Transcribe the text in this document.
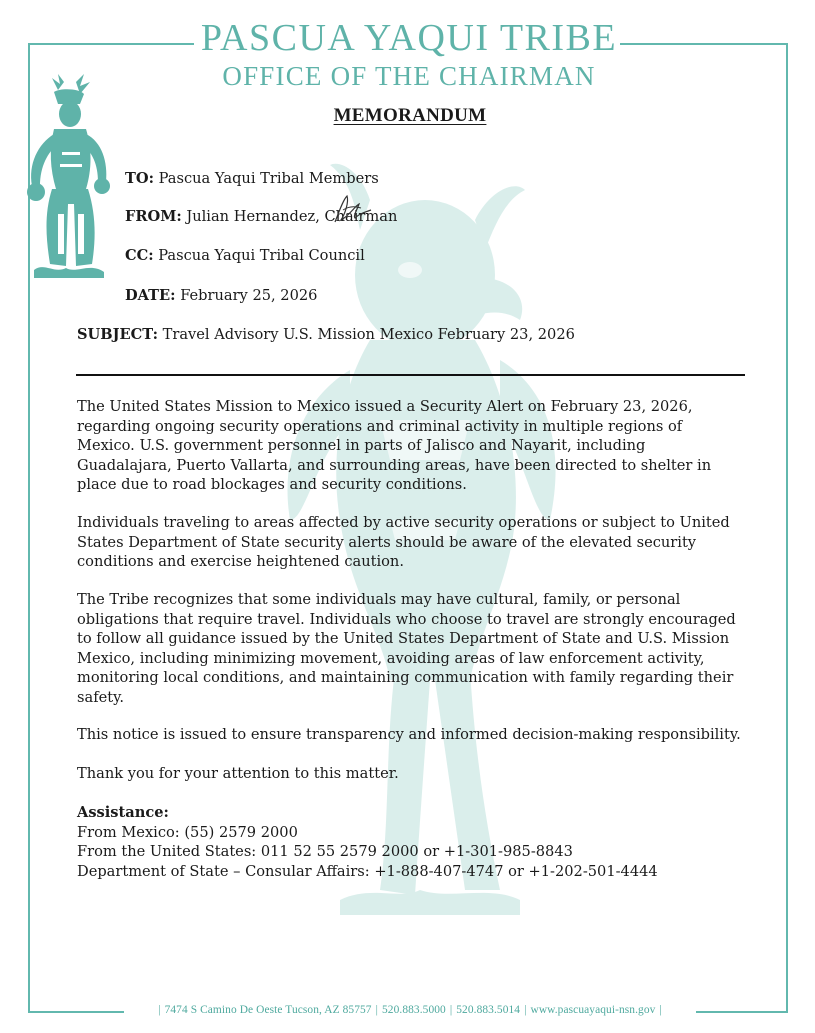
PASCUA YAQUI TRIBE
OFFICE OF THE CHAIRMAN
MEMORANDUM
TO: Pascua Yaqui Tribal Members
FROM: Julian Hernandez, Chairman
CC: Pascua Yaqui Tribal Council
DATE: February 25, 2026
SUBJECT: Travel Advisory U.S. Mission Mexico February 23, 2026

The United States Mission to Mexico issued a Security Alert on February 23, 2026, regarding ongoing security operations and criminal activity in multiple regions of Mexico. U.S. government personnel in parts of Jalisco and Nayarit, including Guadalajara, Puerto Vallarta, and surrounding areas, have been directed to shelter in place due to road blockages and security conditions.

Individuals traveling to areas affected by active security operations or subject to United States Department of State security alerts should be aware of the elevated security conditions and exercise heightened caution.

The Tribe recognizes that some individuals may have cultural, family, or personal obligations that require travel. Individuals who choose to travel are strongly encouraged to follow all guidance issued by the United States Department of State and U.S. Mission Mexico, including minimizing movement, avoiding areas of law enforcement activity, monitoring local conditions, and maintaining communication with family regarding their safety.

This notice is issued to ensure transparency and informed decision-making responsibility.

Thank you for your attention to this matter.

Assistance:
From Mexico: (55) 2579 2000
From the United States: 011 52 55 2579 2000 or +1-301-985-8843
Department of State – Consular Affairs: +1-888-407-4747 or +1-202-501-4444
| 7474 S Camino De Oeste Tucson, AZ 85757 | 520.883.5000 | 520.883.5014 | www.pascuayaqui-nsn.gov |
